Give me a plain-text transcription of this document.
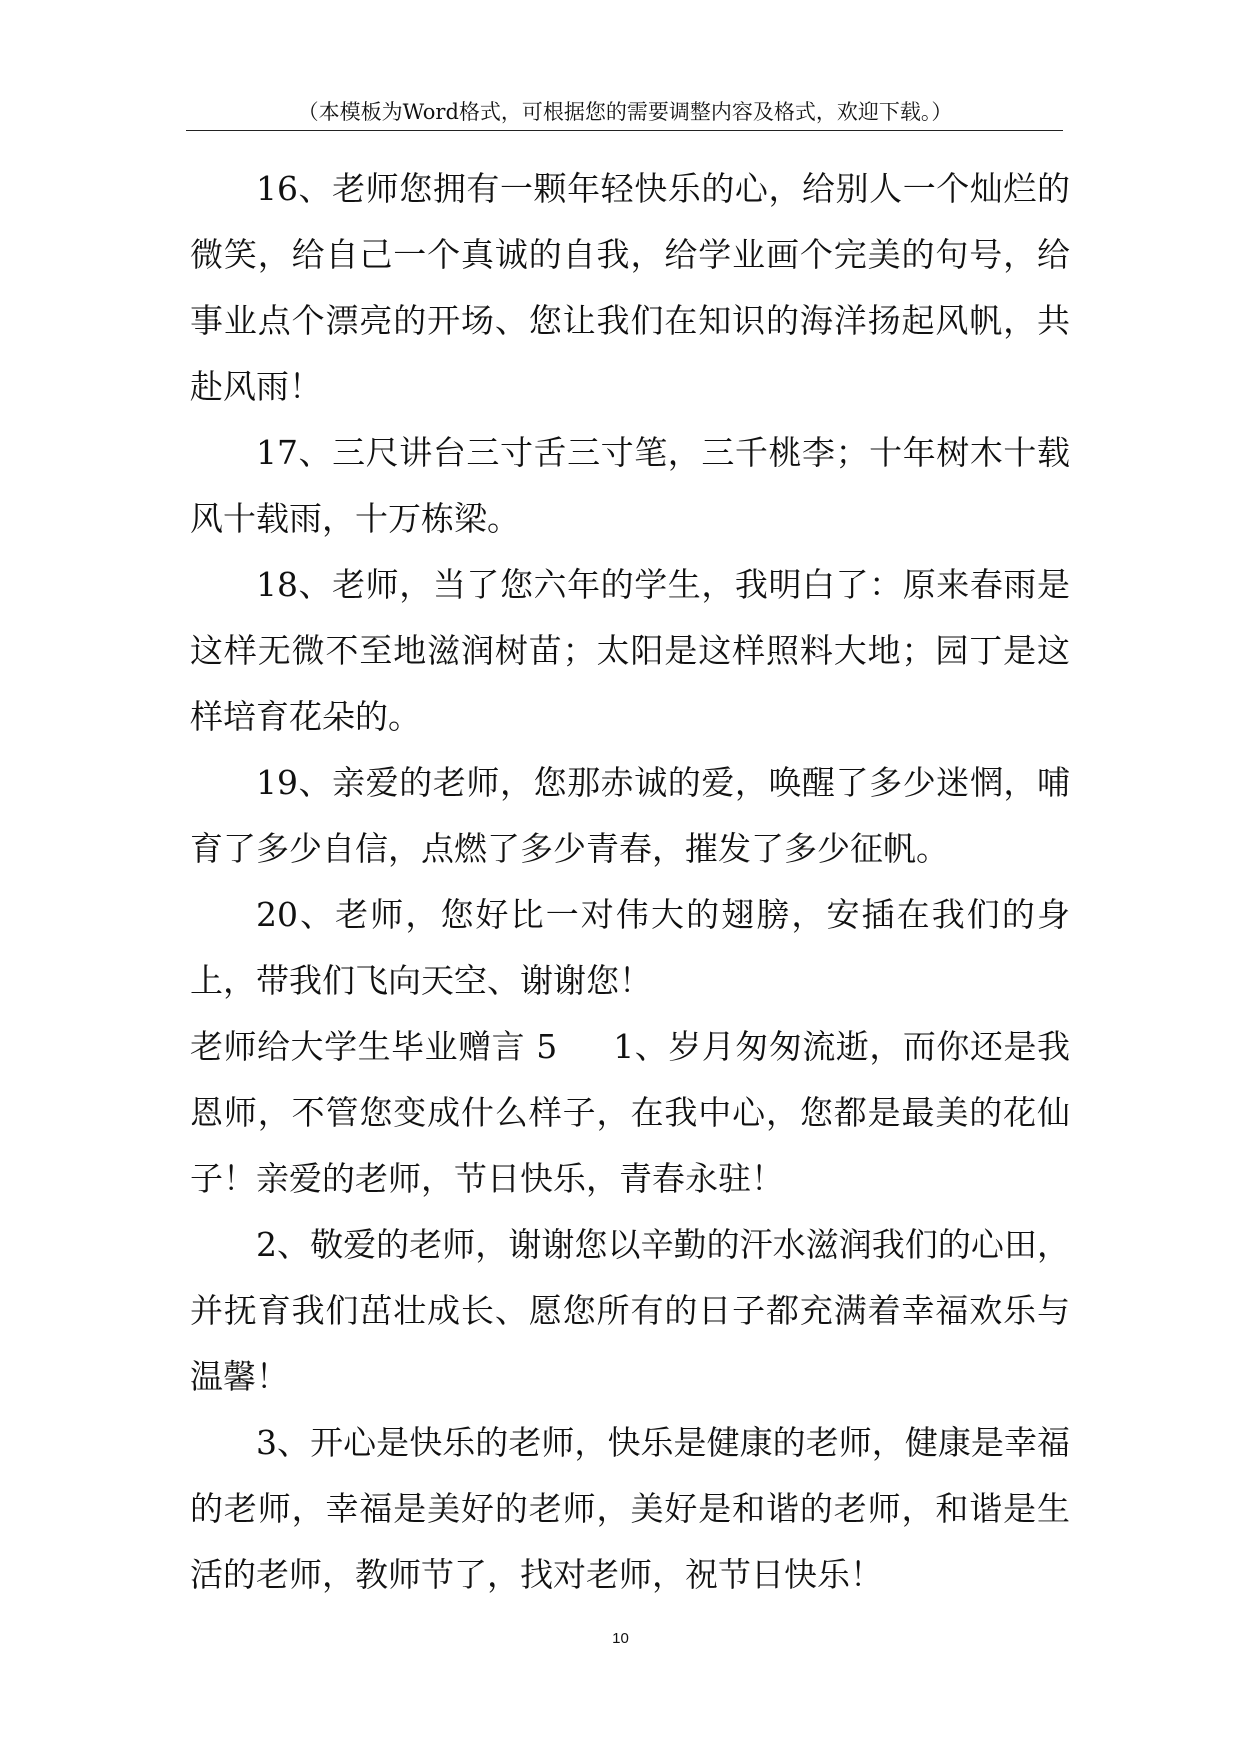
（本模板为Word格式，可根据您的需要调整内容及格式，欢迎下载。）

16、老师您拥有一颗年轻快乐的心，给别人一个灿烂的微笑，给自己一个真诚的自我，给学业画个完美的句号，给事业点个漂亮的开场、您让我们在知识的海洋扬起风帆，共赴风雨！

17、三尺讲台三寸舌三寸笔，三千桃李；十年树木十载风十载雨，十万栋梁。

18、老师，当了您六年的学生，我明白了：原来春雨是这样无微不至地滋润树苗；太阳是这样照料大地；园丁是这样培育花朵的。

19、亲爱的老师，您那赤诚的爱，唤醒了多少迷惘，哺育了多少自信，点燃了多少青春，摧发了多少征帆。

20、老师，您好比一对伟大的翅膀，安插在我们的身上，带我们飞向天空、谢谢您！

老师给大学生毕业赠言 5 1、岁月匆匆流逝，而你还是我恩师，不管您变成什么样子，在我中心，您都是最美的花仙子！亲爱的老师，节日快乐，青春永驻！

2、敬爱的老师，谢谢您以辛勤的汗水滋润我们的心田，并抚育我们茁壮成长、愿您所有的日子都充满着幸福欢乐与温馨！

3、开心是快乐的老师，快乐是健康的老师，健康是幸福的老师，幸福是美好的老师，美好是和谐的老师，和谐是生活的老师，教师节了，找对老师，祝节日快乐！

10
